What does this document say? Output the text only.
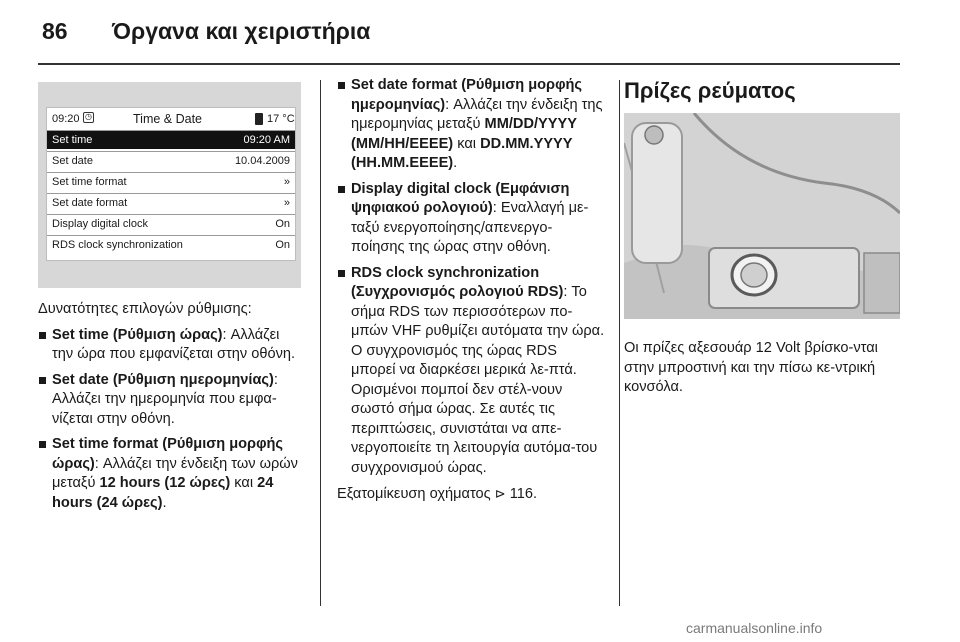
86 Όργανα και χειριστήρια
09:20 ◷	Time & Date	17 °C
Set time	09:20 AM
Set date	10.04.2009
Set time format	»
Set date format	»
Display digital clock	On
RDS clock synchronization	On

Δυνατότητες επιλογών ρύθμισης:

Set time (Ρύθμιση ώρας): Αλλάζει την ώρα που εμφανίζεται στην οθόνη.
Set date (Ρύθμιση ημερομηνίας): Αλλάζει την ημερομηνία που εμφα-νίζεται στην οθόνη.
Set time format (Ρύθμιση μορφής ώρας): Αλλάζει την ένδειξη των ωρών μεταξύ 12 hours (12 ώρες) και 24 hours (24 ώρες).
Set date format (Ρύθμιση μορφής ημερομηνίας): Αλλάζει την ένδειξη της ημερομηνίας μεταξύ MM/DD/YYYY (MM/HH/EEEE) και DD.MM.YYYY (HH.MM.EEEE).
Display digital clock (Εμφάνιση ψηφιακού ρολογιού): Εναλλαγή με-ταξύ ενεργοποίησης/απενεργο-ποίησης της ώρας στην οθόνη.
RDS clock synchronization (Συγχρονισμός ρολογιού RDS): Το σήμα RDS των περισσότερων πο-μπών VHF ρυθμίζει αυτόματα την ώρα. Ο συγχρονισμός της ώρας RDS μπορεί να διαρκέσει μερικά λε-πτά. Ορισμένοι πομποί δεν στέλ-νουν σωστό σήμα ώρας. Σε αυτές τις περιπτώσεις, συνιστάται να απε-νεργοποιείτε τη λειτουργία αυτόμα-του συγχρονισμού ώρας.

Εξατομίκευση οχήματος ⊳ 116.

Πρίζες ρεύματος
Οι πρίζες αξεσουάρ 12 Volt βρίσκο-νται στην μπροστινή και την πίσω κε-ντρική κονσόλα.
carmanualsonline.info
